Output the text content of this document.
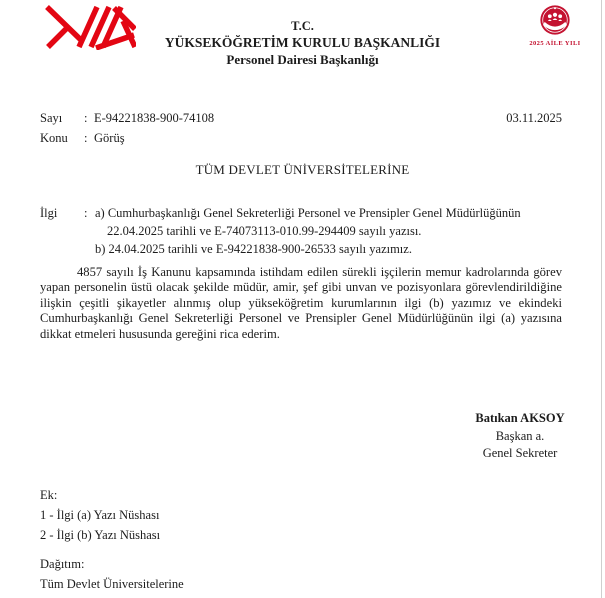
T.C.
YÜKSEKÖĞRETİM KURULU BAŞKANLIĞI
Personel Dairesi Başkanlığı
2025 AİLE YILI
Sayı : E-94221838-900-74108	03.11.2025
Konu : Görüş
TÜM DEVLET ÜNİVERSİTELERİNE
İlgi : a) Cumhurbaşkanlığı Genel Sekreterliği Personel ve Prensipler Genel Müdürlüğünün
22.04.2025 tarihli ve E-74073113-010.99-294409 sayılı yazısı.
b) 24.04.2025 tarihli ve E-94221838-900-26533 sayılı yazımız.

4857 sayılı İş Kanunu kapsamında istihdam edilen sürekli işçilerin memur kadrolarında görev yapan personelin üstü olacak şekilde müdür, amir, şef gibi unvan ve pozisyonlara görevlendirildiğine ilişkin çeşitli şikayetler alınmış olup yükseköğretim kurumlarının ilgi (b) yazımız ve ekindeki Cumhurbaşkanlığı Genel Sekreterliği Personel ve Prensipler Genel Müdürlüğünün ilgi (a) yazısına dikkat etmeleri hususunda gereğini rica ederim.

Batıkan AKSOY
Başkan a.
Genel Sekreter
Ek:
1 - İlgi (a) Yazı Nüshası
2 - İlgi (b) Yazı Nüshası
Dağıtım:
Tüm Devlet Üniversitelerine
